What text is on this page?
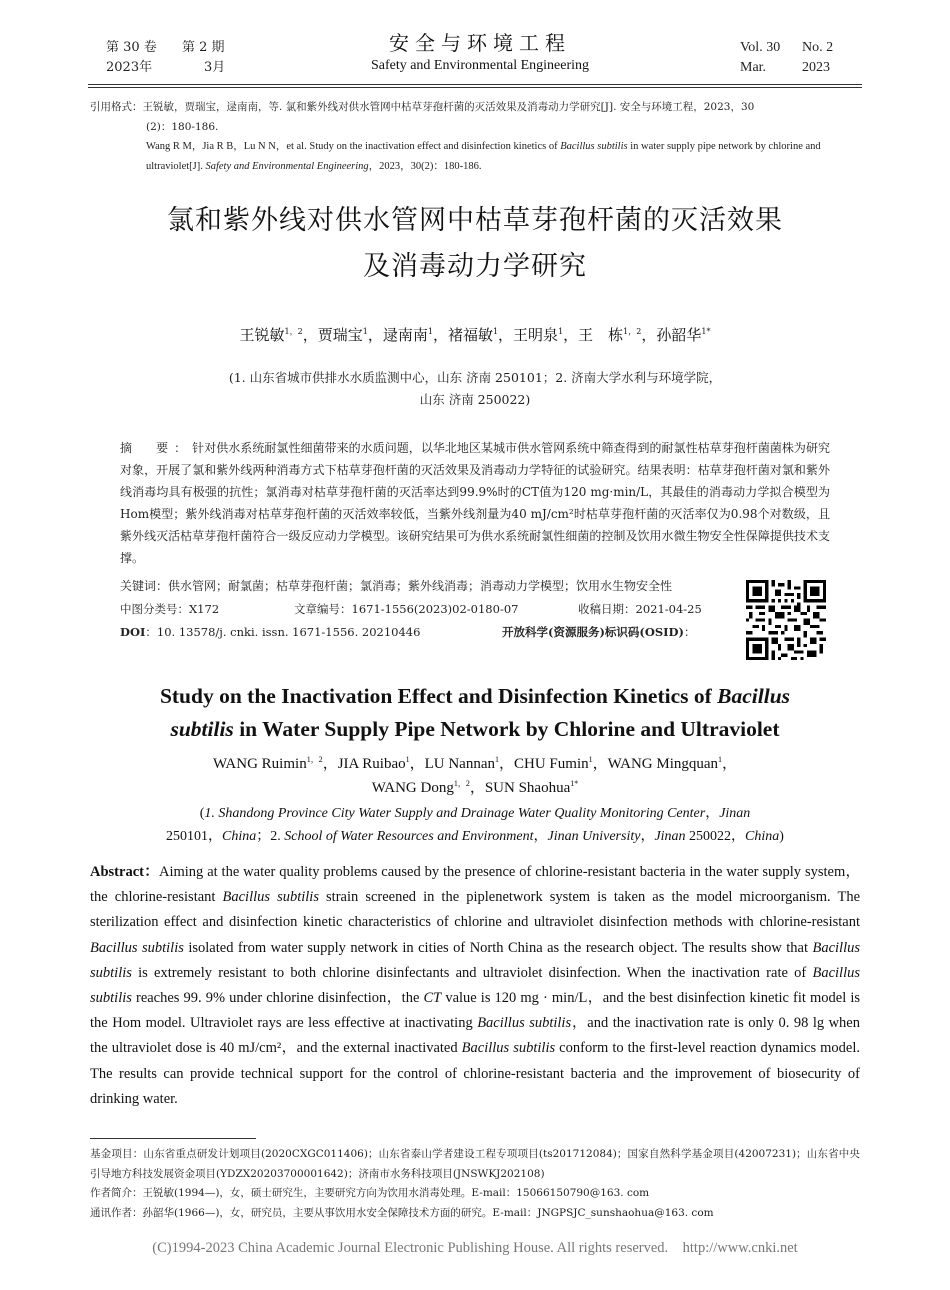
第 30 卷 第 2 期
2023年	3月
安全与环境工程
Safety and Environmental Engineering
Vol. 30 No. 2
Mar.	2023
引用格式：王锐敏，贾瑞宝，逯南南，等. 氯和紫外线对供水管网中枯草芽孢杆菌的灭活效果及消毒动力学研究[J]. 安全与环境工程，2023，30
(2)：180-186.
Wang R M，Jia R B，Lu N N，et al. Study on the inactivation effect and disinfection kinetics of Bacillus subtilis in water supply pipe network by chlorine and ultraviolet[J]. Safety and Environmental Engineering，2023，30(2)：180-186.
氯和紫外线对供水管网中枯草芽孢杆菌的灭活效果
及消毒动力学研究
王锐敏$^{1,2}$，贾瑞宝$^1$，逯南南$^1$，褚福敏$^1$，王明泉$^1$，王　栋$^{1,2}$，孙韶华$^{1*}$
(1. 山东省城市供排水水质监测中心，山东 济南 250101；2. 济南大学水利与环境学院，
山东 济南 250022)
摘　要：针对供水系统耐氯性细菌带来的水质问题，以华北地区某城市供水管网系统中筛查得到的耐氯性枯草芽孢杆菌菌株为研究对象，开展了氯和紫外线两种消毒方式下枯草芽孢杆菌的灭活效果及消毒动力学特征的试验研究。结果表明：枯草芽孢杆菌对氯和紫外线消毒均具有极强的抗性；氯消毒对枯草芽孢杆菌的灭活率达到99.9%时的CT值为120 mg·min/L，其最佳的消毒动力学拟合模型为Hom模型；紫外线消毒对枯草芽孢杆菌的灭活效率较低，当紫外线剂量为40 mJ/cm²时枯草芽孢杆菌的灭活率仅为0.98个对数级，且紫外线灭活枯草芽孢杆菌符合一级反应动力学模型。该研究结果可为供水系统耐氯性细菌的控制及饮用水微生物安全性保障提供技术支撑。
关键词：供水管网；耐氯菌；枯草芽孢杆菌；氯消毒；紫外线消毒；消毒动力学模型；饮用水生物安全性
中图分类号：X172	文章编号：1671-1556(2023)02-0180-07	收稿日期：2021-04-25
DOI：10. 13578/j. cnki. issn. 1671-1556. 20210446	开放科学(资源服务)标识码(OSID)：
Study on the Inactivation Effect and Disinfection Kinetics of Bacillus
subtilis in Water Supply Pipe Network by Chlorine and Ultraviolet
WANG Ruimin$^{1,2}$，JIA Ruibao$^1$，LU Nannan$^1$，CHU Fumin$^1$，WANG Mingquan$^1$，
WANG Dong$^{1,2}$，SUN Shaohua$^{1*}$
(1. Shandong Province City Water Supply and Drainage Water Quality Monitoring Center，Jinan
250101，China；2. School of Water Resources and Environment，Jinan University，Jinan 250022，China)
Abstract：Aiming at the water quality problems caused by the presence of chlorine-resistant bacteria in the water supply system，the chlorine-resistant Bacillus subtilis strain screened in the piplenetwork system is taken as the model microorganism. The sterilization effect and disinfection kinetic characteristics of chlorine and ultraviolet disinfection methods with chlorine-resistant Bacillus subtilis isolated from water supply network in cities of North China as the research object. The results show that Bacillus subtilis is extremely resistant to both chlorine disinfectants and ultraviolet disinfection. When the inactivation rate of Bacillus subtilis reaches 99. 9% under chlorine disinfection，the CT value is 120 mg · min/L，and the best disinfection kinetic fit model is the Hom model. Ultraviolet rays are less effective at inactivating Bacillus subtilis，and the inactivation rate is only 0. 98 lg when the ultraviolet dose is 40 mJ/cm²，and the external inactivated Bacillus subtilis conform to the first-level reaction dynamics model. The results can provide technical support for the control of chlorine-resistant bacteria and the improvement of biosecurity of drinking water.
基金项目：山东省重点研发计划项目(2020CXGC011406)；山东省泰山学者建设工程专项项目(ts201712084)；国家自然科学基金项目(42007231)；山东省中央引导地方科技发展资金项目(YDZX20203700001642)；济南市水务科技项目(JNSWKJ202108)
作者简介：王锐敏(1994—)，女，硕士研究生，主要研究方向为饮用水消毒处理。E-mail：15066150790@163. com
通讯作者：孙韶华(1966—)，女，研究员，主要从事饮用水安全保障技术方面的研究。E-mail：JNGPSJC_sunshaohua@163. com
(C)1994-2023 China Academic Journal Electronic Publishing House. All rights reserved.    http://www.cnki.net
